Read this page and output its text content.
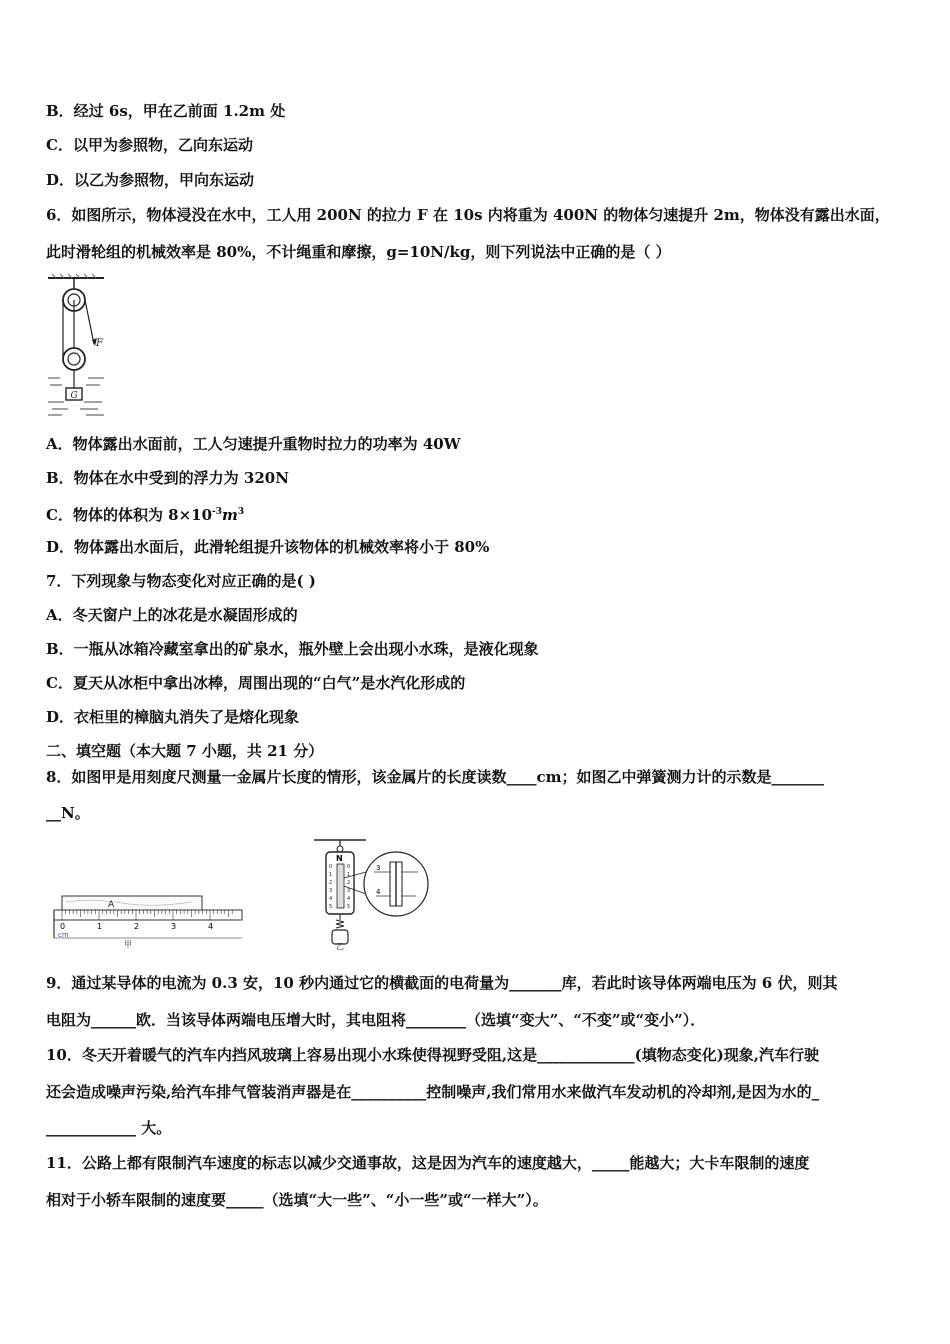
B．经过 6s，甲在乙前面 1.2m 处
C．以甲为参照物，乙向东运动
D．以乙为参照物，甲向东运动
6．如图所示，物体浸没在水中，工人用 200N 的拉力 F 在 10s 内将重为 400N 的物体匀速提升 2m，物体没有露出水面，
此时滑轮组的机械效率是 80%，不计绳重和摩擦，g=10N/kg，则下列说法中正确的是（ ）
F
G
A．物体露出水面前，工人匀速提升重物时拉力的功率为 40W
B．物体在水中受到的浮力为 320N
C．物体的体积为 $8\times 10^{-3}m^3$
D．物体露出水面后，此滑轮组提升该物体的机械效率将小于 80%
7．下列现象与物态变化对应正确的是( )
A．冬天窗户上的冰花是水凝固形成的
B．一瓶从冰箱冷藏室拿出的矿泉水，瓶外壁上会出现小水珠，是液化现象
C．夏天从冰柜中拿出冰棒，周围出现的“白气”是水汽化形成的
D．衣柜里的樟脑丸消失了是熔化现象
二、填空题（本大题 7 小题，共 21 分）
8．如图甲是用刻度尺测量一金属片长度的情形，该金属片的长度读数____cm；如图乙中弹簧测力计的示数是_______
__N。
A
0	1	2	3	4
cm
甲
N
0
1
2
3
4
5
0
1
2
3
4
5
3
4
乙
9．通过某导体的电流为 0.3 安，10 秒内通过它的横截面的电荷量为_______库，若此时该导体两端电压为 6 伏，则其
电阻为______欧．当该导体两端电压增大时，其电阻将________（选填“变大”、“不变”或“变小”）．
10．冬天开着暖气的汽车内挡风玻璃上容易出现小水珠使得视野受阻,这是_____________(填物态变化)现象,汽车行驶
还会造成噪声污染,给汽车排气管装消声器是在__________控制噪声,我们常用水来做汽车发动机的冷却剂,是因为水的_
____________ 大。
11．公路上都有限制汽车速度的标志以减少交通事故，这是因为汽车的速度越大，_____能越大；大卡车限制的速度
相对于小轿车限制的速度要_____（选填“大一些”、“小一些”或“一样大”）。
